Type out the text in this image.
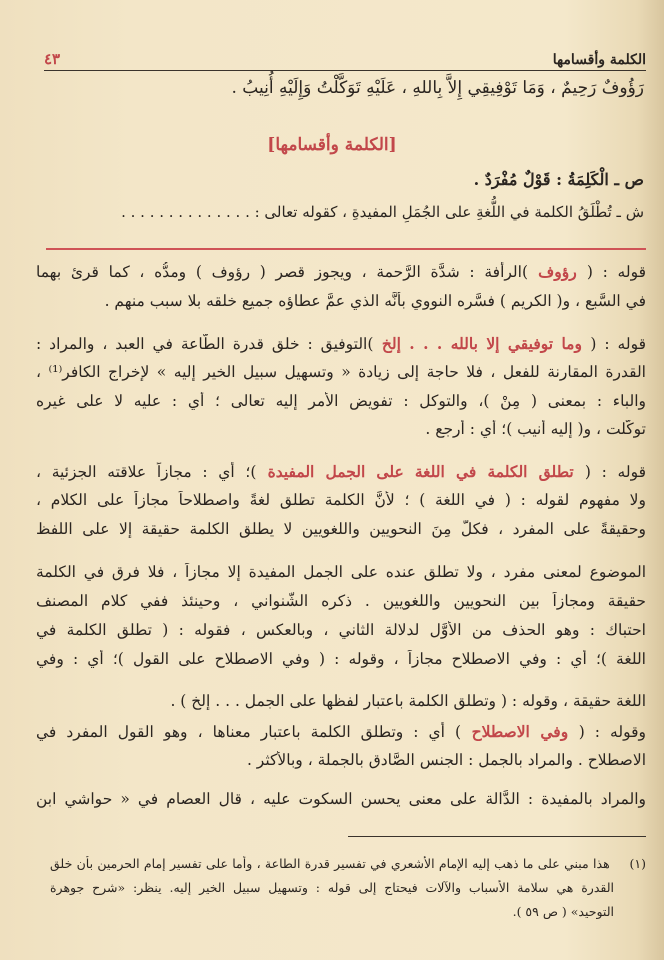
الكلمة وأقسامها
٤٣
رَؤُوفٌ رَحِيمٌ ، وَمَا تَوْفِيقِي إِلاَّ بِاللهِ ، عَلَيْهِ تَوَكَّلْتُ وَإِلَيْهِ أُنِيبُ .
[الكلمة وأقسامها]
ص ـ الْكَلِمَةُ : قَوْلٌ مُفْرَدٌ .
ش ـ تُطْلَقُ الكلمة في اللُّغةِ على الجُمَلِ المفيدةِ ، كقوله تعالى : . . . . . . . . . . . . . .
قوله : ( رؤوف )الرأفة : شدَّة الرَّحمة ، ويجوز قصر ( رؤوف ) ومدُّه ، كما قرئ بهما
في السَّبع ، و( الكريم ) فسَّره النووي بأنَّه الذي عمَّ عطاؤه جميع خلقه بلا سبب منهم .
قوله : ( وما توفيقي إلا بالله . . . إلخ )التوفيق : خلق قدرة الطَّاعة في العبد ، والمراد :
القدرة المقارنة للفعل ، فلا حاجة إلى زيادة « وتسهيل سبيل الخير إليه » لإخراج الكافر⁽¹⁾ ،
والباء : بمعنى ( مِنْ )، والتوكل : تفويض الأمر إليه تعالى ؛ أي : عليه لا على غيره
توكَّلت ، و( إليه أنيب )؛ أي : أرجع .
قوله : ( تطلق الكلمة في اللغة على الجمل المفيدة )؛ أي : مجازاً علاقته الجزئية ،
ولا مفهوم لقوله : ( في اللغة ) ؛ لأنَّ الكلمة تطلق لغةً واصطلاحاً مجازاً على الكلام ،
وحقيقةً على المفرد ، فكلٌّ مِنَ النحويين واللغويين لا يطلق الكلمة حقيقة إلا على اللفظ
الموضوع لمعنى مفرد ، ولا تطلق عنده على الجمل المفيدة إلا مجازاً ، فلا فرق في الكلمة
حقيقة ومجازاً بين النحويين واللغويين . ذكره الشَّنواني ، وحينئذ ففي كلام المصنف
احتباك : وهو الحذف من الأوَّل لدلالة الثاني ، وبالعكس ، فقوله : ( تطلق الكلمة في
اللغة )؛ أي : وفي الاصطلاح مجازاً ، وقوله : ( وفي الاصطلاح على القول )؛ أي : وفي
اللغة حقيقة ، وقوله : ( وتطلق الكلمة باعتبار لفظها على الجمل . . . إلخ ) .
وقوله : ( وفي الاصطلاح ) أي : وتطلق الكلمة باعتبار معناها ، وهو القول المفرد في
الاصطلاح . والمراد بالجمل : الجنس الصَّادق بالجملة ، وبالأكثر .
والمراد بالمفيدة : الدَّالة على معنى يحسن السكوت عليه ، قال العصام في « حواشي ابن
(١) هذا مبني على ما ذهب إليه الإمام الأشعري في تفسير قدرة الطاعة ، وأما على تفسير إمام الحرمين بأن خلق
القدرة هي سلامة الأسباب والآلات فيحتاج إلى قوله : وتسهيل سبيل الخير إليه. ينظر: «شرح جوهرة
التوحيد» ( ص ٥٩ ).
